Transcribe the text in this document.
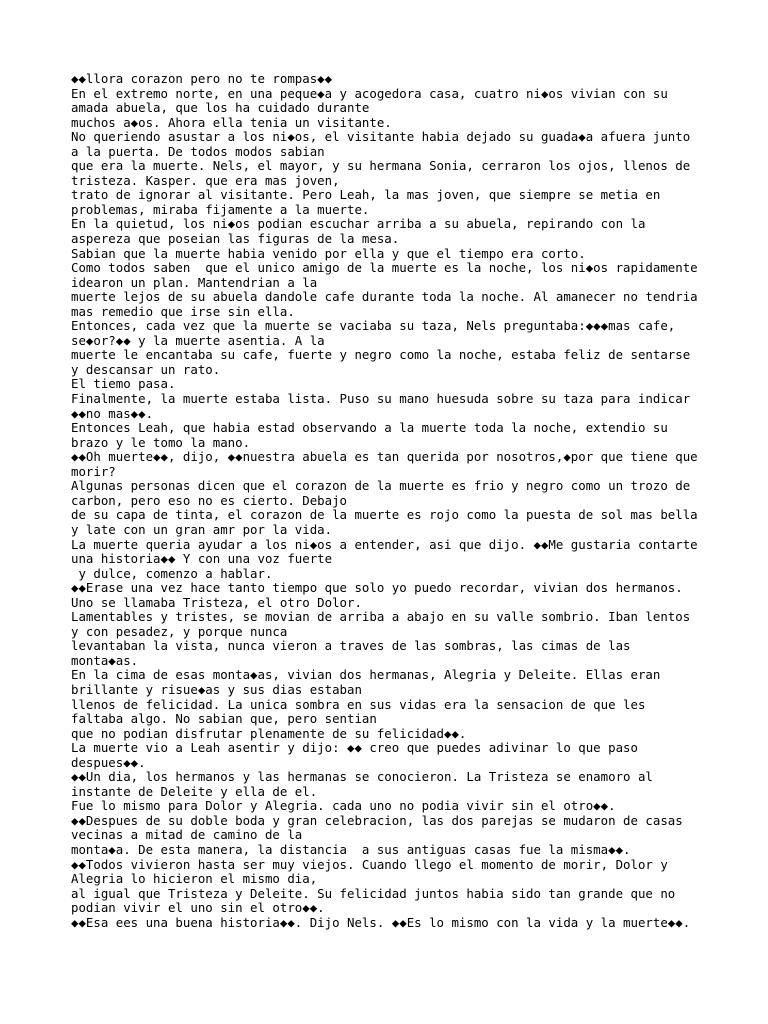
◆◆llora corazon pero no te rompas◆◆
En el extremo norte, en una peque◆a y acogedora casa, cuatro ni◆os vivian con su amada abuela, que los ha cuidado durante
muchos a◆os. Ahora ella tenia un visitante.
No queriendo asustar a los ni◆os, el visitante habia dejado su guada◆a afuera junto a la puerta. De todos modos sabian
que era la muerte. Nels, el mayor, y su hermana Sonia, cerraron los ojos, llenos de tristeza. Kasper. que era mas joven,
trato de ignorar al visitante. Pero Leah, la mas joven, que siempre se metia en problemas, miraba fijamente a la muerte.
En la quietud, los ni◆os podian escuchar arriba a su abuela, repirando con la aspereza que poseian las figuras de la mesa.
Sabian que la muerte habia venido por ella y que el tiempo era corto.
Como todos saben  que el unico amigo de la muerte es la noche, los ni◆os rapidamente idearon un plan. Mantendrian a la
muerte lejos de su abuela dandole cafe durante toda la noche. Al amanecer no tendria mas remedio que irse sin ella.
Entonces, cada vez que la muerte se vaciaba su taza, Nels preguntaba:◆◆◆mas cafe, se◆or?◆◆ y la muerte asentia. A la
muerte le encantaba su cafe, fuerte y negro como la noche, estaba feliz de sentarse y descansar un rato.
El tiemo pasa.
Finalmente, la muerte estaba lista. Puso su mano huesuda sobre su taza para indicar ◆◆no mas◆◆.
Entonces Leah, que habia estad observando a la muerte toda la noche, extendio su brazo y le tomo la mano.
◆◆Oh muerte◆◆, dijo, ◆◆nuestra abuela es tan querida por nosotros,◆por que tiene que morir?
Algunas personas dicen que el corazon de la muerte es frio y negro como un trozo de carbon, pero eso no es cierto. Debajo
de su capa de tinta, el corazon de la muerte es rojo como la puesta de sol mas bella y late con un gran amr por la vida.
La muerte queria ayudar a los ni◆os a entender, asi que dijo. ◆◆Me gustaria contarte una historia◆◆ Y con una voz fuerte
y dulce, comenzo a hablar.
◆◆Erase una vez hace tanto tiempo que solo yo puedo recordar, vivian dos hermanos. Uno se llamaba Tristeza, el otro Dolor.
Lamentables y tristes, se movian de arriba a abajo en su valle sombrio. Iban lentos y con pesadez, y porque nunca
levantaban la vista, nunca vieron a traves de las sombras, las cimas de las monta◆as.
En la cima de esas monta◆as, vivian dos hermanas, Alegria y Deleite. Ellas eran brillante y risue◆as y sus dias estaban
llenos de felicidad. La unica sombra en sus vidas era la sensacion de que les faltaba algo. No sabian que, pero sentian
que no podian disfrutar plenamente de su felicidad◆◆.
La muerte vio a Leah asentir y dijo: ◆◆ creo que puedes adivinar lo que paso despues◆◆.
◆◆Un dia, los hermanos y las hermanas se conocieron. La Tristeza se enamoro al instante de Deleite y ella de el.
Fue lo mismo para Dolor y Alegria. cada uno no podia vivir sin el otro◆◆.
◆◆Despues de su doble boda y gran celebracion, las dos parejas se mudaron de casas vecinas a mitad de camino de la
monta◆a. De esta manera, la distancia  a sus antiguas casas fue la misma◆◆.
◆◆Todos vivieron hasta ser muy viejos. Cuando llego el momento de morir, Dolor y Alegria lo hicieron el mismo dia,
al igual que Tristeza y Deleite. Su felicidad juntos habia sido tan grande que no podian vivir el uno sin el otro◆◆.
◆◆Esa ees una buena historia◆◆. Dijo Nels. ◆◆Es lo mismo con la vida y la muerte◆◆.
